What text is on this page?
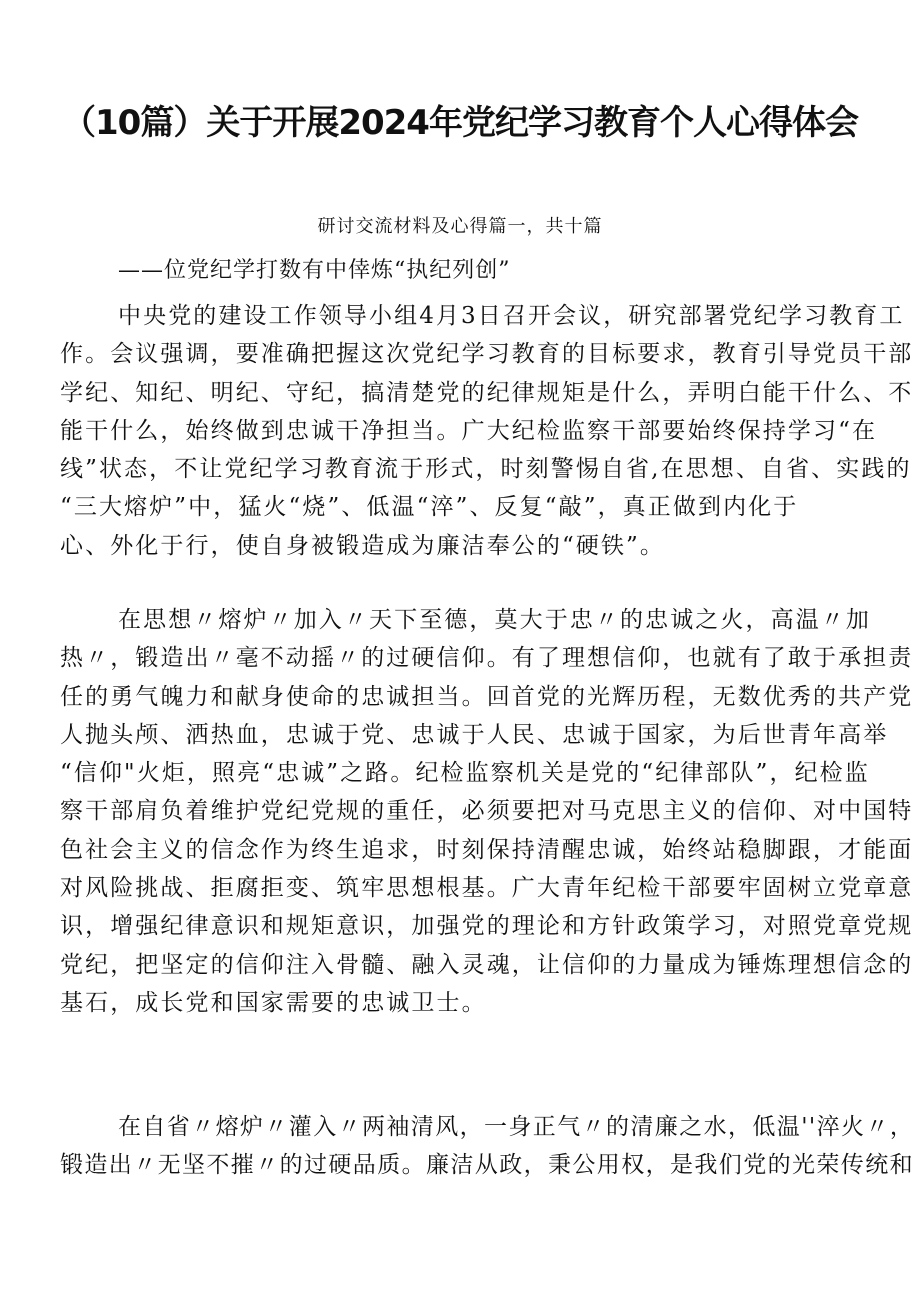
（10篇）关于开展2024年党纪学习教育个人心得体会
研讨交流材料及心得篇一，共十篇
——位党纪学打数有中倖炼“执纪列创”
中央党的建设工作领导小组4月3日召开会议，研究部署党纪学习教育工
作。会议强调，要准确把握这次党纪学习教育的目标要求，教育引导党员干部
学纪、知纪、明纪、守纪，搞清楚党的纪律规矩是什么，弄明白能干什么、不
能干什么，始终做到忠诚干净担当。广大纪检监察干部要始终保持学习“在
线”状态，不让党纪学习教育流于形式，时刻警惕自省,在思想、自省、实践的
“三大熔炉”中，猛火“烧”、低温“淬”、反复“敲”，真正做到内化于
心、外化于行，使自身被锻造成为廉洁奉公的“硬铁”。
在思想〃熔炉〃加入〃天下至德，莫大于忠〃的忠诚之火，高温〃加
热〃，锻造出〃毫不动摇〃的过硬信仰。有了理想信仰，也就有了敢于承担责
任的勇气魄力和献身使命的忠诚担当。回首党的光辉历程，无数优秀的共产党
人抛头颅、洒热血，忠诚于党、忠诚于人民、忠诚于国家，为后世青年高举
“信仰"火炬，照亮“忠诚”之路。纪检监察机关是党的“纪律部队”，纪检监
察干部肩负着维护党纪党规的重任，必须要把对马克思主义的信仰、对中国特
色社会主义的信念作为终生追求，时刻保持清醒忠诚，始终站稳脚跟，才能面
对风险挑战、拒腐拒变、筑牢思想根基。广大青年纪检干部要牢固树立党章意
识，增强纪律意识和规矩意识，加强党的理论和方针政策学习，对照党章党规
党纪，把坚定的信仰注入骨髓、融入灵魂，让信仰的力量成为锤炼理想信念的
基石，成长党和国家需要的忠诚卫士。
在自省〃熔炉〃灌入〃两袖清风，一身正气〃的清廉之水，低温''淬火〃，
锻造出〃无坚不摧〃的过硬品质。廉洁从政，秉公用权，是我们党的光荣传统和
